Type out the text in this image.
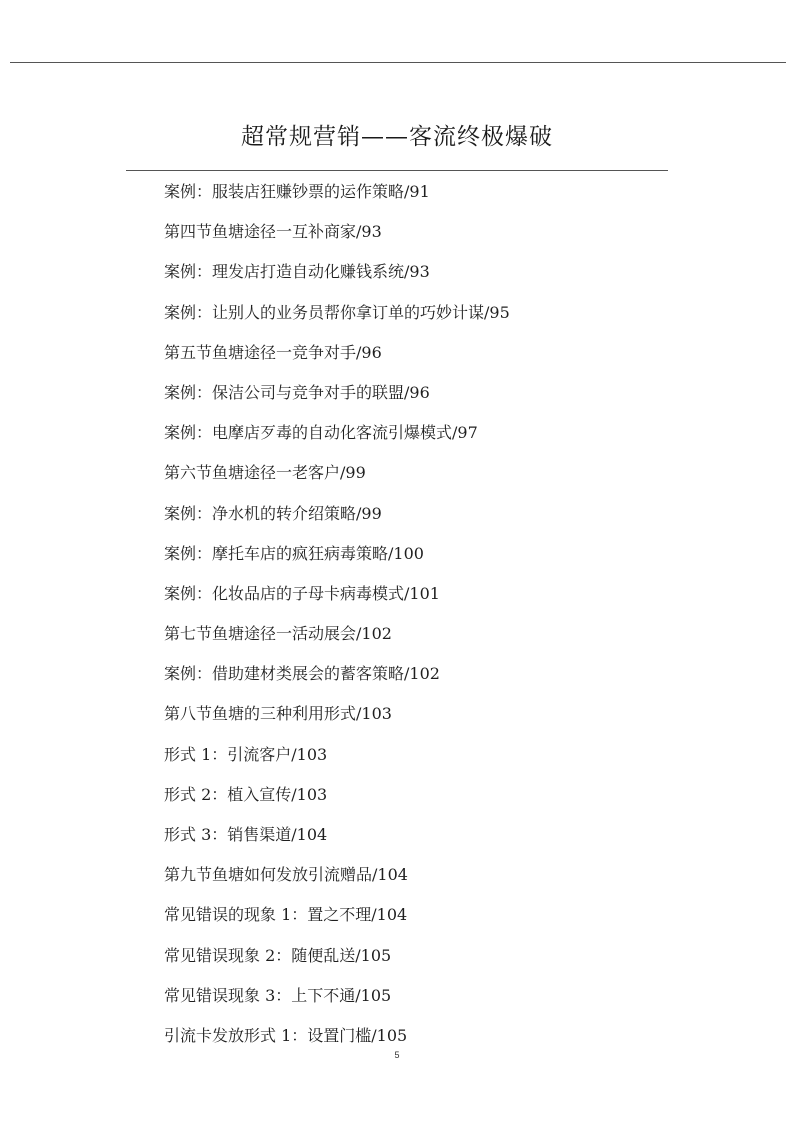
超常规营销——客流终极爆破
案例：服装店狂赚钞票的运作策略/91
第四节鱼塘途径一互补商家/93
案例：理发店打造自动化赚钱系统/93
案例：让别人的业务员帮你拿订单的巧妙计谋/95
第五节鱼塘途径一竞争对手/96
案例：保洁公司与竞争对手的联盟/96
案例：电摩店歹毒的自动化客流引爆模式/97
第六节鱼塘途径一老客户/99
案例：净水机的转介绍策略/99
案例：摩托车店的疯狂病毒策略/100
案例：化妆品店的子母卡病毒模式/101
第七节鱼塘途径一活动展会/102
案例：借助建材类展会的蓄客策略/102
第八节鱼塘的三种利用形式/103
形式 1：引流客户/103
形式 2：植入宣传/103
形式 3：销售渠道/104
第九节鱼塘如何发放引流赠品/104
常见错误的现象 1：置之不理/104
常见错误现象 2：随便乱送/105
常见错误现象 3：上下不通/105
引流卡发放形式 1：设置门槛/105
5
